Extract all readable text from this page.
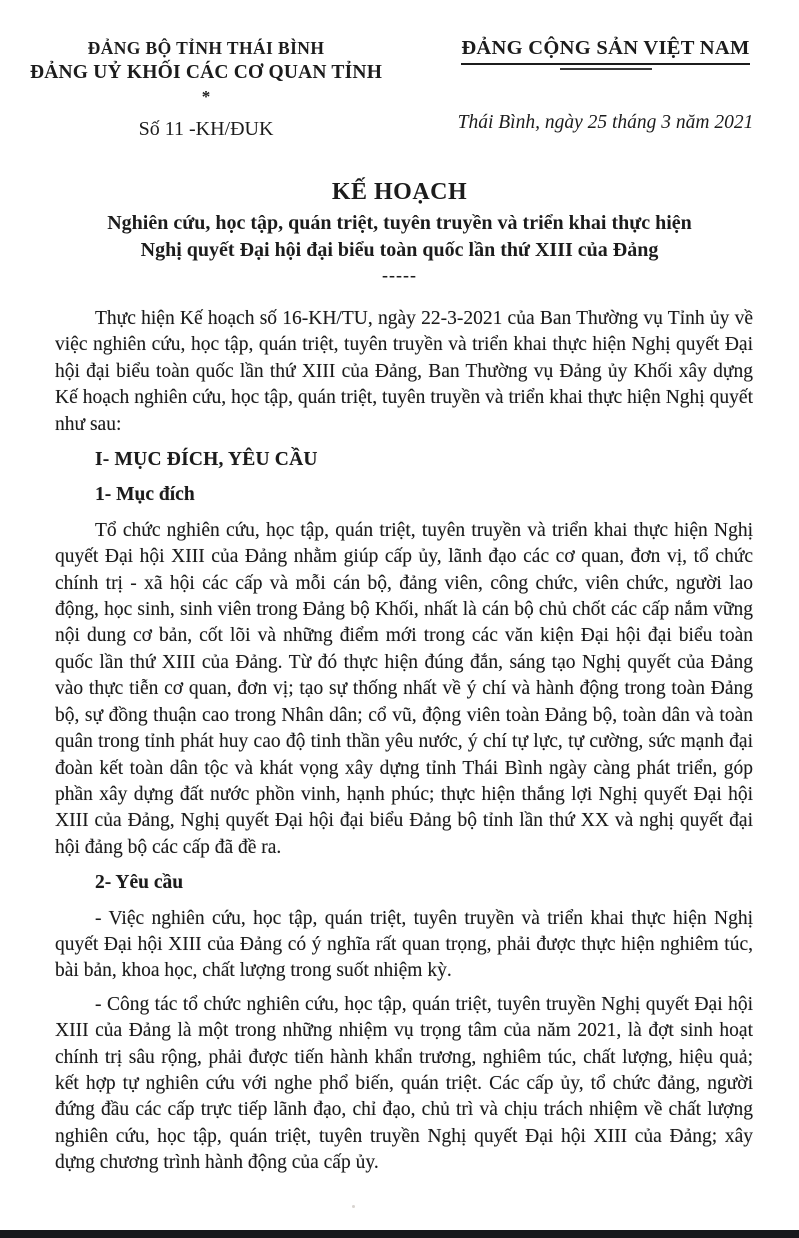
ĐẢNG BỘ TỈNH THÁI BÌNH
ĐẢNG UỶ KHỐI CÁC CƠ QUAN TỈNH
*
Số 11 -KH/ĐUK
ĐẢNG CỘNG SẢN VIỆT NAM
Thái Bình, ngày 25 tháng 3 năm 2021
KẾ HOẠCH
Nghiên cứu, học tập, quán triệt, tuyên truyền và triển khai thực hiện
Nghị quyết Đại hội đại biểu toàn quốc lần thứ XIII của Đảng
-----

Thực hiện Kế hoạch số 16-KH/TU, ngày 22-3-2021 của Ban Thường vụ Tỉnh ủy về việc nghiên cứu, học tập, quán triệt, tuyên truyền và triển khai thực hiện Nghị quyết Đại hội đại biểu toàn quốc lần thứ XIII của Đảng, Ban Thường vụ Đảng ủy Khối xây dựng Kế hoạch nghiên cứu, học tập, quán triệt, tuyên truyền và triển khai thực hiện Nghị quyết như sau:

I- MỤC ĐÍCH, YÊU CẦU

1- Mục đích

Tổ chức nghiên cứu, học tập, quán triệt, tuyên truyền và triển khai thực hiện Nghị quyết Đại hội XIII của Đảng nhằm giúp cấp ủy, lãnh đạo các cơ quan, đơn vị, tổ chức chính trị - xã hội các cấp và mỗi cán bộ, đảng viên, công chức, viên chức, người lao động, học sinh, sinh viên trong Đảng bộ Khối, nhất là cán bộ chủ chốt các cấp nắm vững nội dung cơ bản, cốt lõi và những điểm mới trong các văn kiện Đại hội đại biểu toàn quốc lần thứ XIII của Đảng. Từ đó thực hiện đúng đắn, sáng tạo Nghị quyết của Đảng vào thực tiễn cơ quan, đơn vị; tạo sự thống nhất về ý chí và hành động trong toàn Đảng bộ, sự đồng thuận cao trong Nhân dân; cổ vũ, động viên toàn Đảng bộ, toàn dân và toàn quân trong tỉnh phát huy cao độ tinh thần yêu nước, ý chí tự lực, tự cường, sức mạnh đại đoàn kết toàn dân tộc và khát vọng xây dựng tỉnh Thái Bình ngày càng phát triển, góp phần xây dựng đất nước phồn vinh, hạnh phúc; thực hiện thắng lợi Nghị quyết Đại hội XIII của Đảng, Nghị quyết Đại hội đại biểu Đảng bộ tỉnh lần thứ XX và nghị quyết đại hội đảng bộ các cấp đã đề ra.

2- Yêu cầu

- Việc nghiên cứu, học tập, quán triệt, tuyên truyền và triển khai thực hiện Nghị quyết Đại hội XIII của Đảng có ý nghĩa rất quan trọng, phải được thực hiện nghiêm túc, bài bản, khoa học, chất lượng trong suốt nhiệm kỳ.

- Công tác tổ chức nghiên cứu, học tập, quán triệt, tuyên truyền Nghị quyết Đại hội XIII của Đảng là một trong những nhiệm vụ trọng tâm của năm 2021, là đợt sinh hoạt chính trị sâu rộng, phải được tiến hành khẩn trương, nghiêm túc, chất lượng, hiệu quả; kết hợp tự nghiên cứu với nghe phổ biến, quán triệt. Các cấp ủy, tổ chức đảng, người đứng đầu các cấp trực tiếp lãnh đạo, chỉ đạo, chủ trì và chịu trách nhiệm về chất lượng nghiên cứu, học tập, quán triệt, tuyên truyền Nghị quyết Đại hội XIII của Đảng; xây dựng chương trình hành động của cấp ủy.
